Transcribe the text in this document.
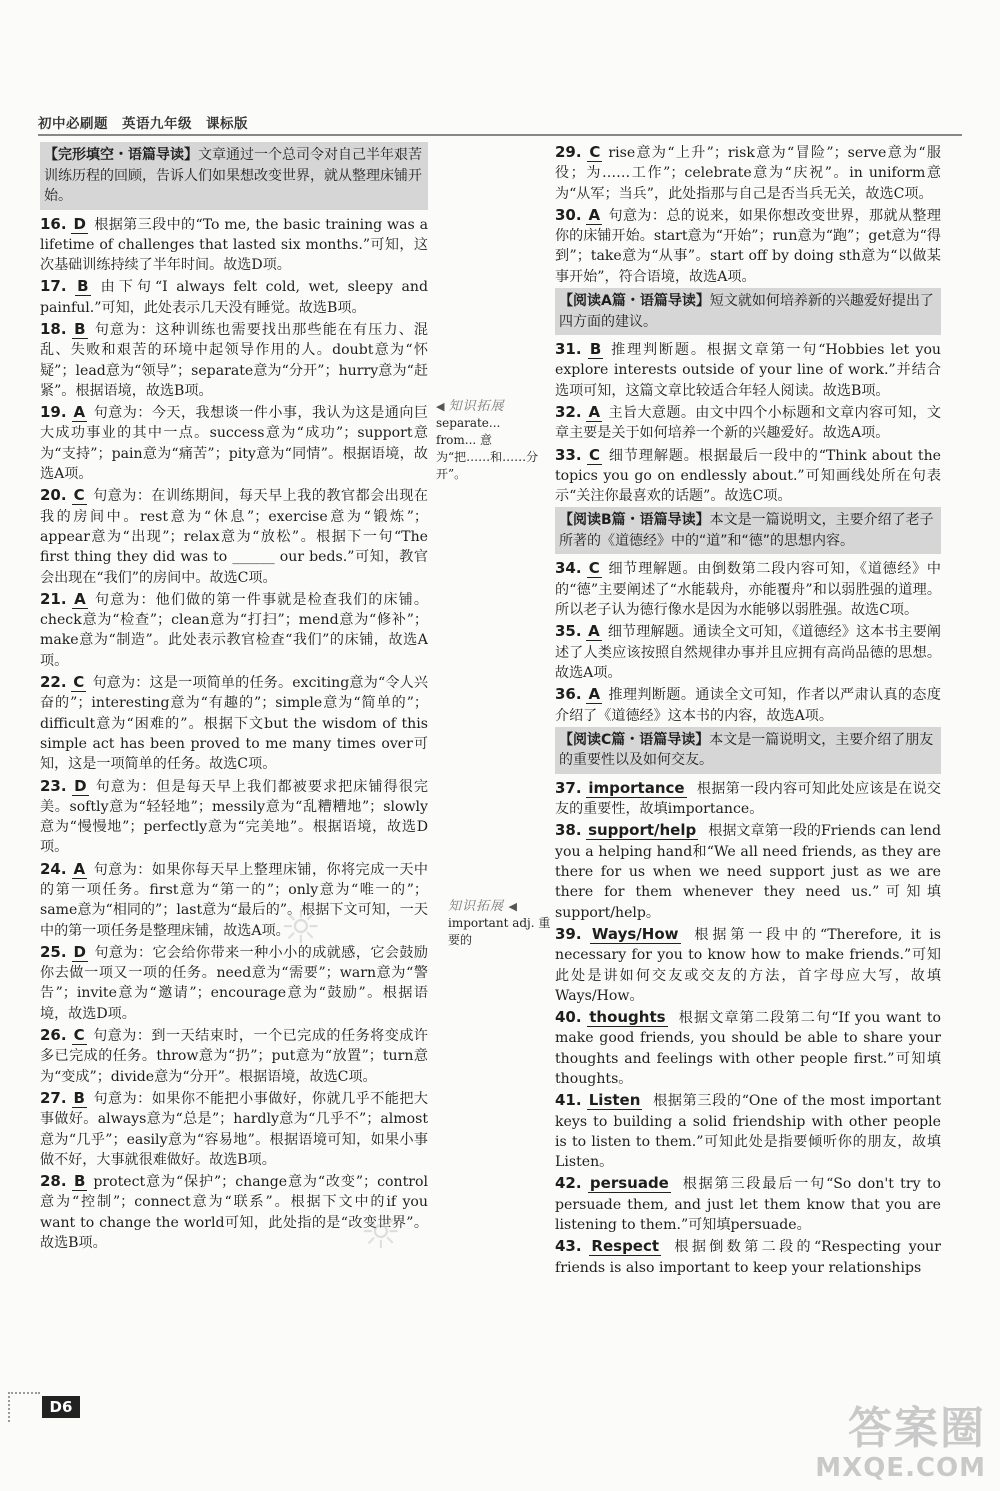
初中必刷题　英语九年级　课标版
【完形填空・语篇导读】文章通过一个总司令对自己半年艰苦训练历程的回顾，告诉人们如果想改变世界，就从整理床铺开始。
16. D 根据第三段中的“To me, the basic training was a lifetime of challenges that lasted six months.”可知，这次基础训练持续了半年时间。故选D项。
17. B 由下句“I always felt cold, wet, sleepy and painful.”可知，此处表示几天没有睡觉。故选B项。
18. B 句意为：这种训练也需要找出那些能在有压力、混乱、失败和艰苦的环境中起领导作用的人。doubt意为“怀疑”；lead意为“领导”；separate意为“分开”；hurry意为“赶紧”。根据语境，故选B项。
19. A 句意为：今天，我想谈一件小事，我认为这是通向巨大成功事业的其中一点。success意为“成功”；support意为“支持”；pain意为“痛苦”；pity意为“同情”。根据语境，故选A项。
20. C 句意为：在训练期间，每天早上我的教官都会出现在我的房间中。rest意为“休息”；exercise意为“锻炼”；appear意为“出现”；relax意为“放松”。根据下一句“The first thing they did was to ______ our beds.”可知，教官会出现在“我们”的房间中。故选C项。
21. A 句意为：他们做的第一件事就是检查我们的床铺。check意为“检查”；clean意为“打扫”；mend意为“修补”；make意为“制造”。此处表示教官检查“我们”的床铺，故选A项。
22. C 句意为：这是一项简单的任务。exciting意为“令人兴奋的”；interesting意为“有趣的”；simple意为“简单的”；difficult意为“困难的”。根据下文but the wisdom of this simple act has been proved to me many times over可知，这是一项简单的任务。故选C项。
23. D 句意为：但是每天早上我们都被要求把床铺得很完美。softly意为“轻轻地”；messily意为“乱糟糟地”；slowly意为“慢慢地”；perfectly意为“完美地”。根据语境，故选D项。
24. A 句意为：如果你每天早上整理床铺，你将完成一天中的第一项任务。first意为“第一的”；only意为“唯一的”；same意为“相同的”；last意为“最后的”。根据下文可知，一天中的第一项任务是整理床铺，故选A项。
25. D 句意为：它会给你带来一种小小的成就感，它会鼓励你去做一项又一项的任务。need意为“需要”；warn意为“警告”；invite意为“邀请”；encourage意为“鼓励”。根据语境，故选D项。
26. C 句意为：到一天结束时，一个已完成的任务将变成许多已完成的任务。throw意为“扔”；put意为“放置”；turn意为“变成”；divide意为“分开”。根据语境，故选C项。
27. B 句意为：如果你不能把小事做好，你就几乎不能把大事做好。always意为“总是”；hardly意为“几乎不”；almost意为“几乎”；easily意为“容易地”。根据语境可知，如果小事做不好，大事就很难做好。故选B项。
28. B protect意为“保护”；change意为“改变”；control意为“控制”；connect意为“联系”。根据下文中的if you want to change the world可知，此处指的是“改变世界”。故选B项。
29. C rise意为“上升”；risk意为“冒险”；serve意为“服役；为……工作”；celebrate意为“庆祝”。in uniform意为“从军；当兵”，此处指那与自己是否当兵无关，故选C项。
30. A 句意为：总的说来，如果你想改变世界，那就从整理你的床铺开始。start意为“开始”；run意为“跑”；get意为“得到”；take意为“从事”。start off by doing sth意为“以做某事开始”，符合语境，故选A项。
【阅读A篇・语篇导读】短文就如何培养新的兴趣爱好提出了四方面的建议。
31. B 推理判断题。根据文章第一句“Hobbies let you explore interests outside of your line of work.”并结合选项可知，这篇文章比较适合年轻人阅读。故选B项。
32. A 主旨大意题。由文中四个小标题和文章内容可知，文章主要是关于如何培养一个新的兴趣爱好。故选A项。
33. C 细节理解题。根据最后一段中的“Think about the topics you go on endlessly about.”可知画线处所在句表示“关注你最喜欢的话题”。故选C项。
【阅读B篇・语篇导读】本文是一篇说明文，主要介绍了老子所著的《道德经》中的“道”和“德”的思想内容。
34. C 细节理解题。由倒数第二段内容可知，《道德经》中的“德”主要阐述了“水能载舟，亦能覆舟”和以弱胜强的道理。所以老子认为德行像水是因为水能够以弱胜强。故选C项。
35. A 细节理解题。通读全文可知，《道德经》这本书主要阐述了人类应该按照自然规律办事并且应拥有高尚品德的思想。故选A项。
36. A 推理判断题。通读全文可知，作者以严肃认真的态度介绍了《道德经》这本书的内容，故选A项。
【阅读C篇・语篇导读】本文是一篇说明文，主要介绍了朋友的重要性以及如何交友。
37. importance 根据第一段内容可知此处应该是在说交友的重要性，故填importance。
38. support/help 根据文章第一段的Friends can lend you a helping hand和“We all need friends, as they are there for us when we need support just as we are there for them whenever they need us.”可知填support/help。
39. Ways/How 根据第一段中的“Therefore, it is necessary for you to know how to make friends.”可知此处是讲如何交友或交友的方法，首字母应大写，故填Ways/How。
40. thoughts 根据文章第二段第二句“If you want to make good friends, you should be able to share your thoughts and feelings with other people first.”可知填thoughts。
41. Listen 根据第三段的“One of the most important keys to building a solid friendship with other people is to listen to them.”可知此处是指要倾听你的朋友，故填Listen。
42. persuade 根据第三段最后一句“So don't try to persuade them, and just let them know that you are listening to them.”可知填persuade。
43. Respect 根据倒数第二段的“Respecting your friends is also important to keep your relationships
◀ 知识拓展
separate... from... 意为“把……和……分开”。
知识拓展 ◀
important adj. 重要的
☼
☼
D6	答案圈
MXQE.COM
